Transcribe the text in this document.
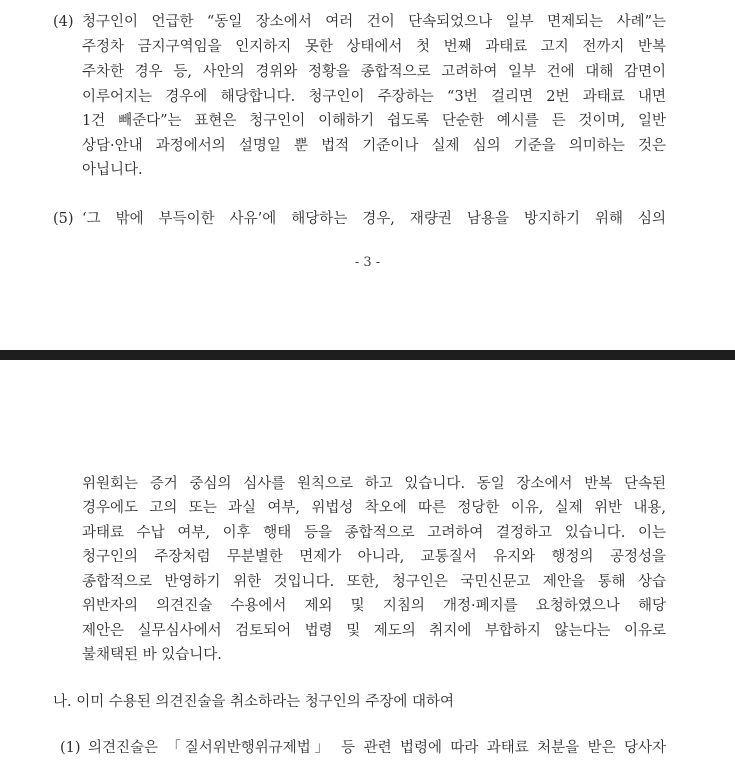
(4) 청구인이 언급한 “동일 장소에서 여러 건이 단속되었으나 일부 면제되는 사례”는
주정차 금지구역임을 인지하지 못한 상태에서 첫 번째 과태료 고지 전까지 반복
주차한 경우 등, 사안의 경위와 정황을 종합적으로 고려하여 일부 건에 대해 감면이
이루어지는 경우에 해당합니다. 청구인이 주장하는 “3번 걸리면 2번 과태료 내면
1건 빼준다”는 표현은 청구인이 이해하기 쉽도록 단순한 예시를 든 것이며, 일반
상담·안내 과정에서의 설명일 뿐 법적 기준이나 실제 심의 기준을 의미하는 것은
아닙니다.
(5) ‘그 밖에 부득이한 사유’에 해당하는 경우, 재량권 남용을 방지하기 위해 심의
- 3 -
위원회는 증거 중심의 심사를 원칙으로 하고 있습니다. 동일 장소에서 반복 단속된
경우에도 고의 또는 과실 여부, 위법성 착오에 따른 정당한 이유, 실제 위반 내용,
과태료 수납 여부, 이후 행태 등을 종합적으로 고려하여 결정하고 있습니다. 이는
청구인의 주장처럼 무분별한 면제가 아니라, 교통질서 유지와 행정의 공정성을
종합적으로 반영하기 위한 것입니다. 또한, 청구인은 국민신문고 제안을 통해 상습
위반자의 의견진술 수용에서 제외 및 지침의 개정·폐지를 요청하였으나 해당
제안은 실무심사에서 검토되어 법령 및 제도의 취지에 부합하지 않는다는 이유로
불채택된 바 있습니다.
나. 이미 수용된 의견진술을 취소하라는 청구인의 주장에 대하여
(1) 의견진술은 「질서위반행위규제법」 등 관련 법령에 따라 과태료 처분을 받은 당사자
